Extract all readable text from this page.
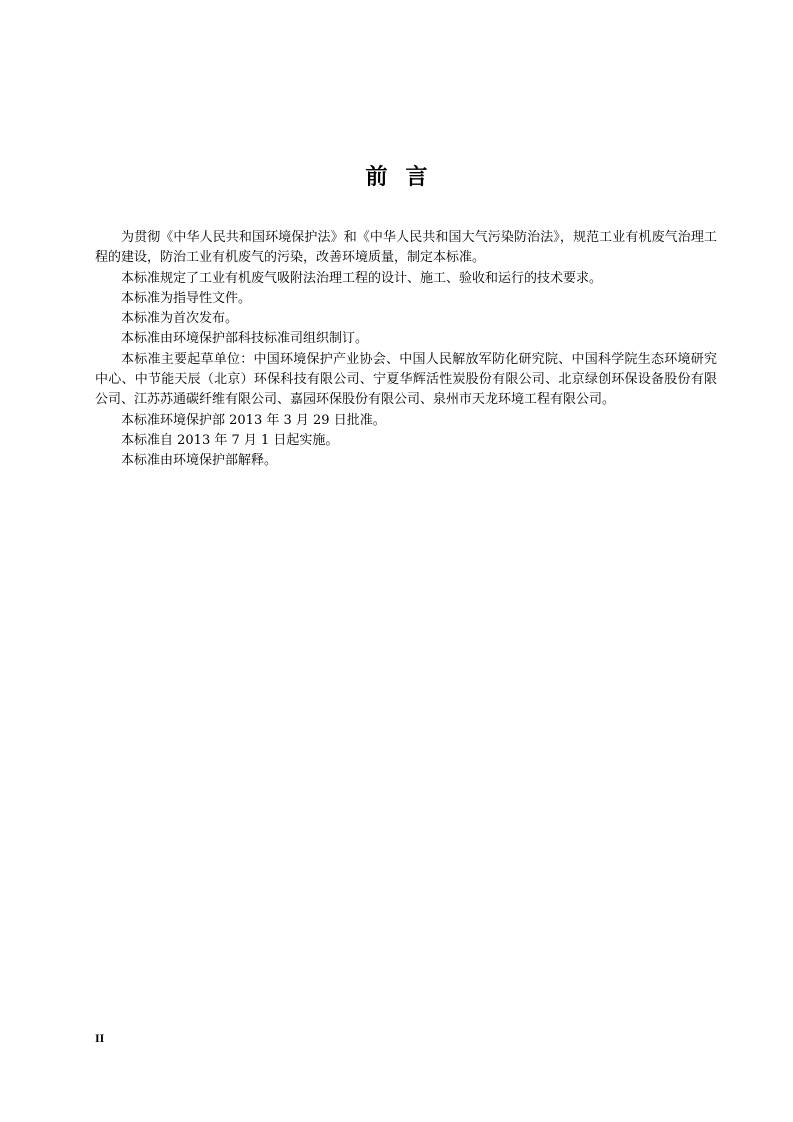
前言

为贯彻《中华人民共和国环境保护法》和《中华人民共和国大气污染防治法》，规范工业有机废气治理工程的建设，防治工业有机废气的污染，改善环境质量，制定本标准。

本标准规定了工业有机废气吸附法治理工程的设计、施工、验收和运行的技术要求。

本标准为指导性文件。

本标准为首次发布。

本标准由环境保护部科技标准司组织制订。

本标准主要起草单位：中国环境保护产业协会、中国人民解放军防化研究院、中国科学院生态环境研究中心、中节能天辰（北京）环保科技有限公司、宁夏华辉活性炭股份有限公司、北京绿创环保设备股份有限公司、江苏苏通碳纤维有限公司、嘉园环保股份有限公司、泉州市天龙环境工程有限公司。

本标准环境保护部 2013 年 3 月 29 日批准。

本标准自 2013 年 7 月 1 日起实施。

本标准由环境保护部解释。

II
